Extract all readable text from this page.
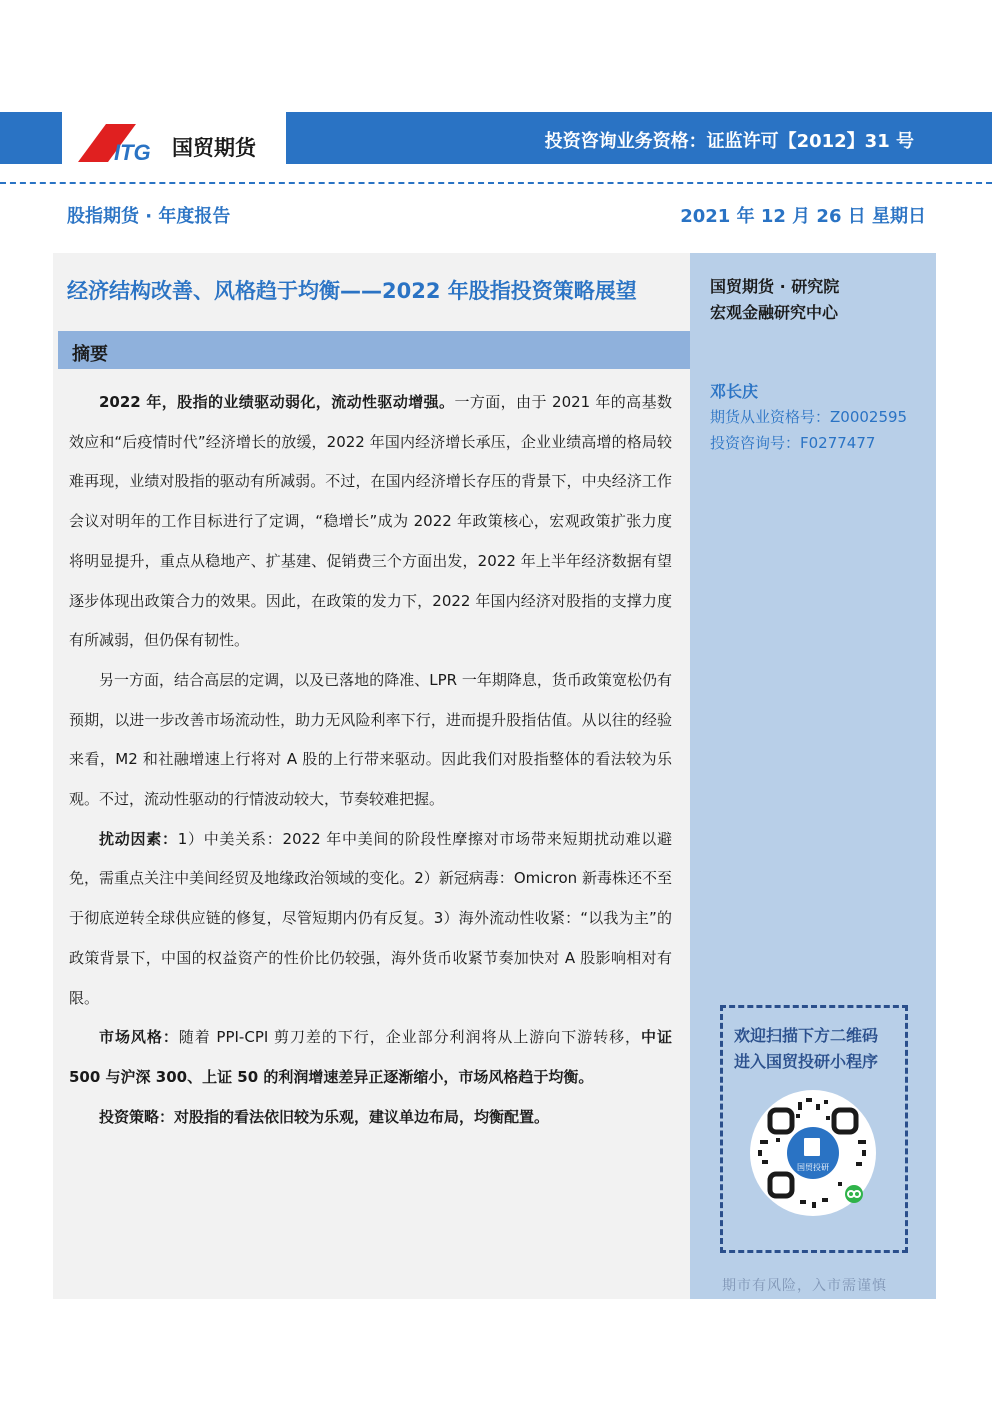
ITG 国贸期货	投资咨询业务资格：证监许可【2012】31 号
股指期货 · 年度报告	2021 年 12 月 26 日 星期日
经济结构改善、风格趋于均衡——2022 年股指投资策略展望
摘要

2022 年，股指的业绩驱动弱化，流动性驱动增强。一方面，由于 2021 年的高基数效应和“后疫情时代”经济增长的放缓，2022 年国内经济增长承压，企业业绩高增的格局较难再现，业绩对股指的驱动有所减弱。不过，在国内经济增长存压的背景下，中央经济工作会议对明年的工作目标进行了定调，“稳增长”成为 2022 年政策核心，宏观政策扩张力度将明显提升，重点从稳地产、扩基建、促销费三个方面出发，2022 年上半年经济数据有望逐步体现出政策合力的效果。因此，在政策的发力下，2022 年国内经济对股指的支撑力度有所减弱，但仍保有韧性。

另一方面，结合高层的定调，以及已落地的降准、LPR 一年期降息，货币政策宽松仍有预期，以进一步改善市场流动性，助力无风险利率下行，进而提升股指估值。从以往的经验来看，M2 和社融增速上行将对 A 股的上行带来驱动。因此我们对股指整体的看法较为乐观。不过，流动性驱动的行情波动较大，节奏较难把握。

扰动因素：1）中美关系：2022 年中美间的阶段性摩擦对市场带来短期扰动难以避免，需重点关注中美间经贸及地缘政治领域的变化。2）新冠病毒：Omicron 新毒株还不至于彻底逆转全球供应链的修复，尽管短期内仍有反复。3）海外流动性收紧：“以我为主”的政策背景下，中国的权益资产的性价比仍较强，海外货币收紧节奏加快对 A 股影响相对有限。

市场风格：随着 PPI-CPI 剪刀差的下行，企业部分利润将从上游向下游转移，中证 500 与沪深 300、上证 50 的利润增速差异正逐渐缩小，市场风格趋于均衡。

投资策略：对股指的看法依旧较为乐观，建议单边布局，均衡配置。

国贸期货 · 研究院
宏观金融研究中心
邓长庆
期货从业资格号：Z0002595
投资咨询号：F0277477
欢迎扫描下方二维码
进入国贸投研小程序
国贸投研
期市有风险，入市需谨慎
